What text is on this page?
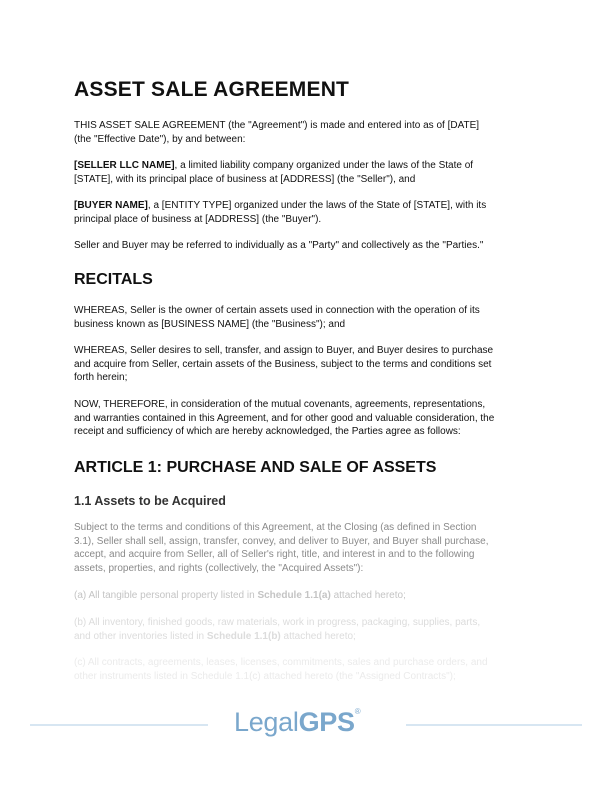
ASSET SALE AGREEMENT
THIS ASSET SALE AGREEMENT (the "Agreement") is made and entered into as of [DATE]
(the "Effective Date"), by and between:
[SELLER LLC NAME], a limited liability company organized under the laws of the State of
[STATE], with its principal place of business at [ADDRESS] (the "Seller"), and
[BUYER NAME], a [ENTITY TYPE] organized under the laws of the State of [STATE], with its
principal place of business at [ADDRESS] (the "Buyer").
Seller and Buyer may be referred to individually as a "Party" and collectively as the "Parties."
RECITALS
WHEREAS, Seller is the owner of certain assets used in connection with the operation of its
business known as [BUSINESS NAME] (the "Business"); and
WHEREAS, Seller desires to sell, transfer, and assign to Buyer, and Buyer desires to purchase
and acquire from Seller, certain assets of the Business, subject to the terms and conditions set
forth herein;
NOW, THEREFORE, in consideration of the mutual covenants, agreements, representations,
and warranties contained in this Agreement, and for other good and valuable consideration, the
receipt and sufficiency of which are hereby acknowledged, the Parties agree as follows:
ARTICLE 1: PURCHASE AND SALE OF ASSETS
1.1 Assets to be Acquired
Subject to the terms and conditions of this Agreement, at the Closing (as defined in Section
3.1), Seller shall sell, assign, transfer, convey, and deliver to Buyer, and Buyer shall purchase,
accept, and acquire from Seller, all of Seller's right, title, and interest in and to the following
assets, properties, and rights (collectively, the "Acquired Assets"):
(a) All tangible personal property listed in Schedule 1.1(a) attached hereto;
(b) All inventory, finished goods, raw materials, work in progress, packaging, supplies, parts,
and other inventories listed in Schedule 1.1(b) attached hereto;
(c) All contracts, agreements, leases, licenses, commitments, sales and purchase orders, and
other instruments listed in Schedule 1.1(c) attached hereto (the "Assigned Contracts");
LegalGPS®
